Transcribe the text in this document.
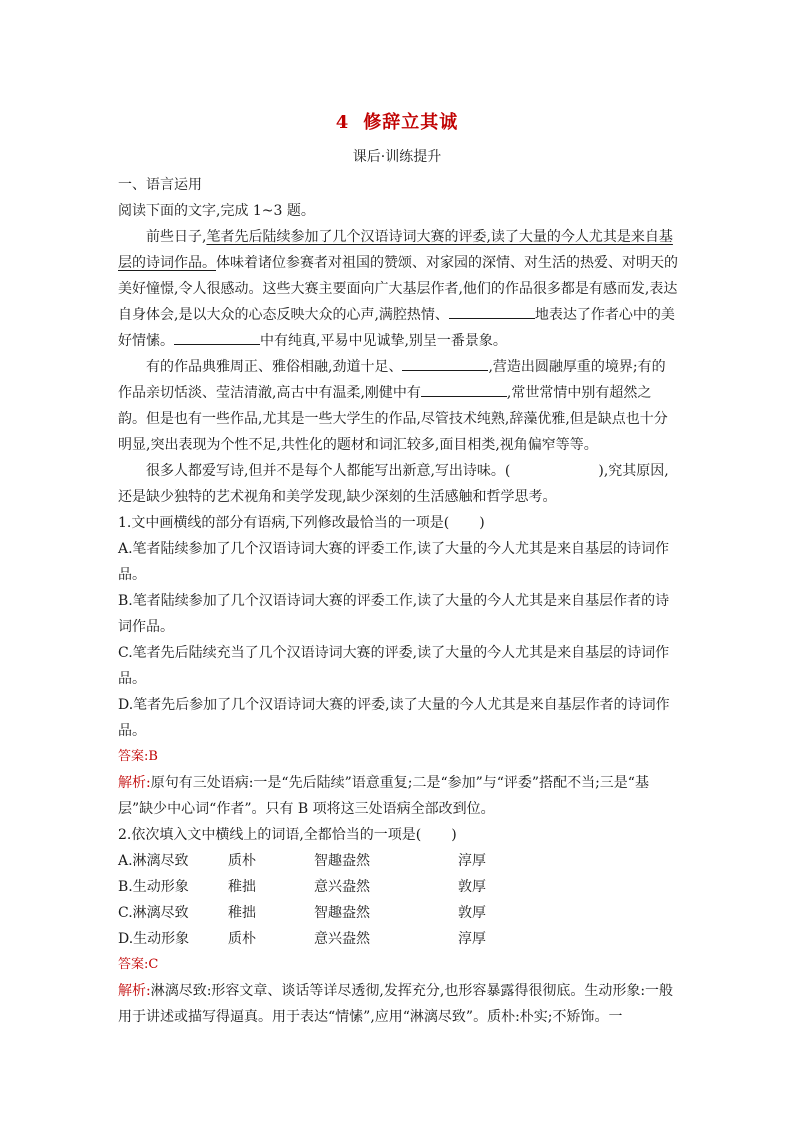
4 修辞立其诚
课后·训练提升

一、语言运用

阅读下面的文字,完成 1~3 题。

前些日子,笔者先后陆续参加了几个汉语诗词大赛的评委,读了大量的今人尤其是来自基层的诗词作品。体味着诸位参赛者对祖国的赞颂、对家园的深情、对生活的热爱、对明天的美好憧憬,令人很感动。这些大赛主要面向广大基层作者,他们的作品很多都是有感而发,表达自身体会,是以大众的心态反映大众的心声,满腔热情、	地表达了作者心中的美好情愫。	中有纯真,平易中见诚挚,别呈一番景象。

有的作品典雅周正、雅俗相融,劲道十足、	,营造出圆融厚重的境界;有的作品亲切恬淡、莹洁清澈,高古中有温柔,刚健中有	,常世常情中别有超然之韵。但是也有一些作品,尤其是一些大学生的作品,尽管技术纯熟,辞藻优雅,但是缺点也十分明显,突出表现为个性不足,共性化的题材和词汇较多,面目相类,视角偏窄等等。

很多人都爱写诗,但并不是每个人都能写出新意,写出诗味。(	),究其原因,还是缺少独特的艺术视角和美学发现,缺少深刻的生活感触和哲学思考。

1.文中画横线的部分有语病,下列修改最恰当的一项是( )

A.笔者陆续参加了几个汉语诗词大赛的评委工作,读了大量的今人尤其是来自基层的诗词作品。

B.笔者陆续参加了几个汉语诗词大赛的评委工作,读了大量的今人尤其是来自基层作者的诗词作品。

C.笔者先后陆续充当了几个汉语诗词大赛的评委,读了大量的今人尤其是来自基层的诗词作品。

D.笔者先后参加了几个汉语诗词大赛的评委,读了大量的今人尤其是来自基层作者的诗词作品。

答案:B

解析:原句有三处语病:一是“先后陆续”语意重复;二是“参加”与“评委”搭配不当;三是“基层”缺少中心词“作者”。只有 B 项将这三处语病全部改到位。

2.依次填入文中横线上的词语,全都恰当的一项是( )

A.淋漓尽致	质朴	智趣盎然	淳厚
B.生动形象	稚拙	意兴盎然	敦厚
C.淋漓尽致	稚拙	智趣盎然	敦厚
D.生动形象	质朴	意兴盎然	淳厚

答案:C

解析:淋漓尽致:形容文章、谈话等详尽透彻,发挥充分,也形容暴露得很彻底。生动形象:一般用于讲述或描写得逼真。用于表达“情愫”,应用“淋漓尽致”。质朴:朴实;不矫饰。一
